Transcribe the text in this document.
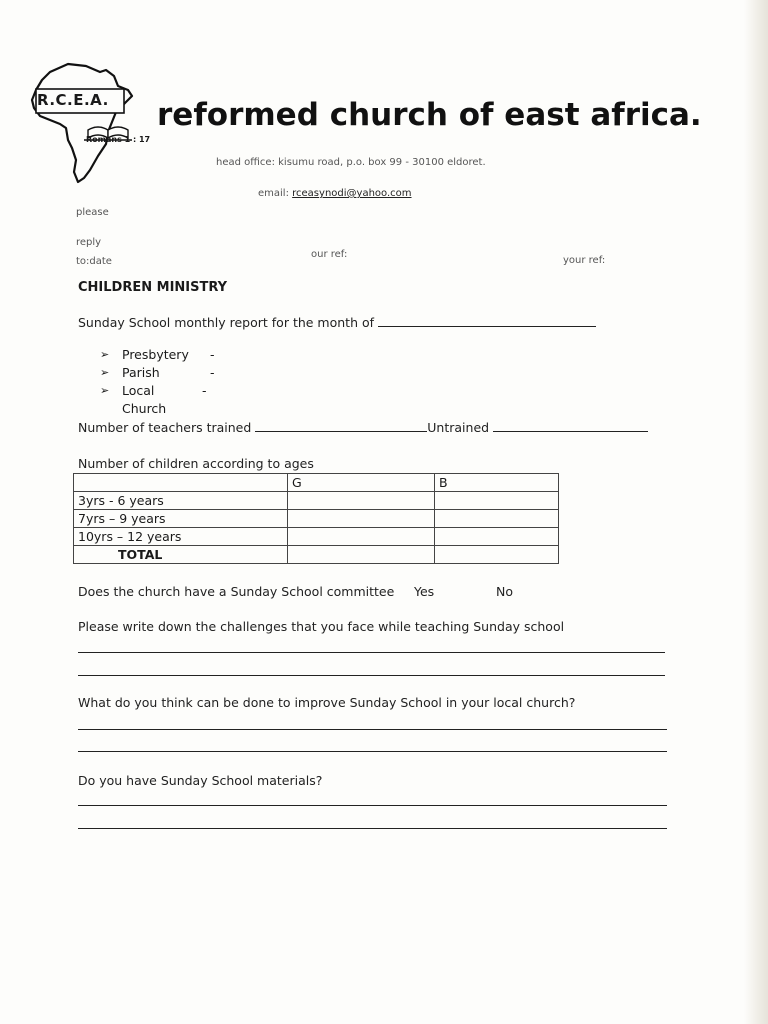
R.C.E.A.
Romans 1 : 17
reformed church of east africa.
head office: kisumu road, p.o. box 99 - 30100 eldoret.
email: rceasynodi@yahoo.com
please
reply
to:date
our ref:
your ref:
CHILDREN MINISTRY
Sunday School monthly report for the month of
➢	Presbytery	-
➢	Parish	-
➢	Local Church
-
Number of teachers trained	Untrained
Number of children according to ages
	G	B
3yrs - 6 years		
7yrs – 9 years		
10yrs – 12 years		
TOTAL		
Does the church have a Sunday School committee Yes	No
Please write down the challenges that you face while teaching Sunday school
What do you think can be done to improve Sunday School in your local church?
Do you have Sunday School materials?
